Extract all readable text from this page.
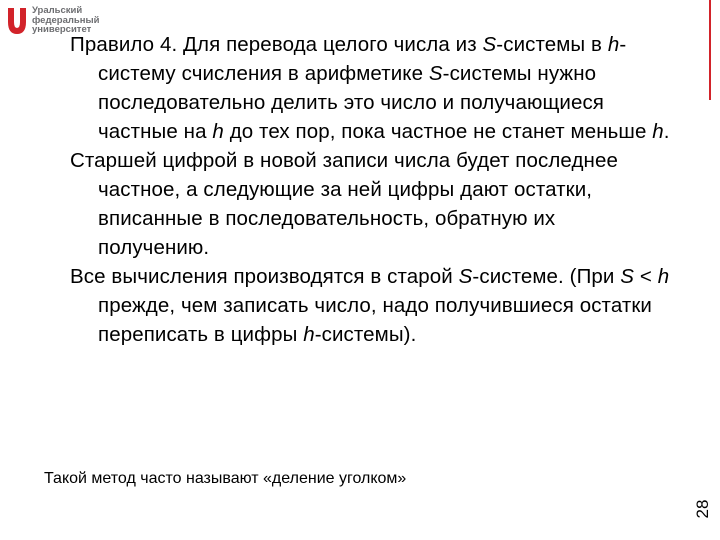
Уральский
федеральный
университет

Правило 4. Для перевода целого числа из S-системы в h-систему счисления в арифметике S-системы нужно последовательно делить это число и получающиеся частные на h до тех пор, пока частное не станет меньше h.

Старшей цифрой в новой записи числа будет последнее частное, а следующие за ней цифры дают остатки, вписанные в последовательность, обратную их получению.

Все вычисления производятся в старой S-системе. (При S < h прежде, чем записать число, надо получившиеся остатки переписать в цифры h-системы).

Такой метод часто называют «деление уголком»
28
